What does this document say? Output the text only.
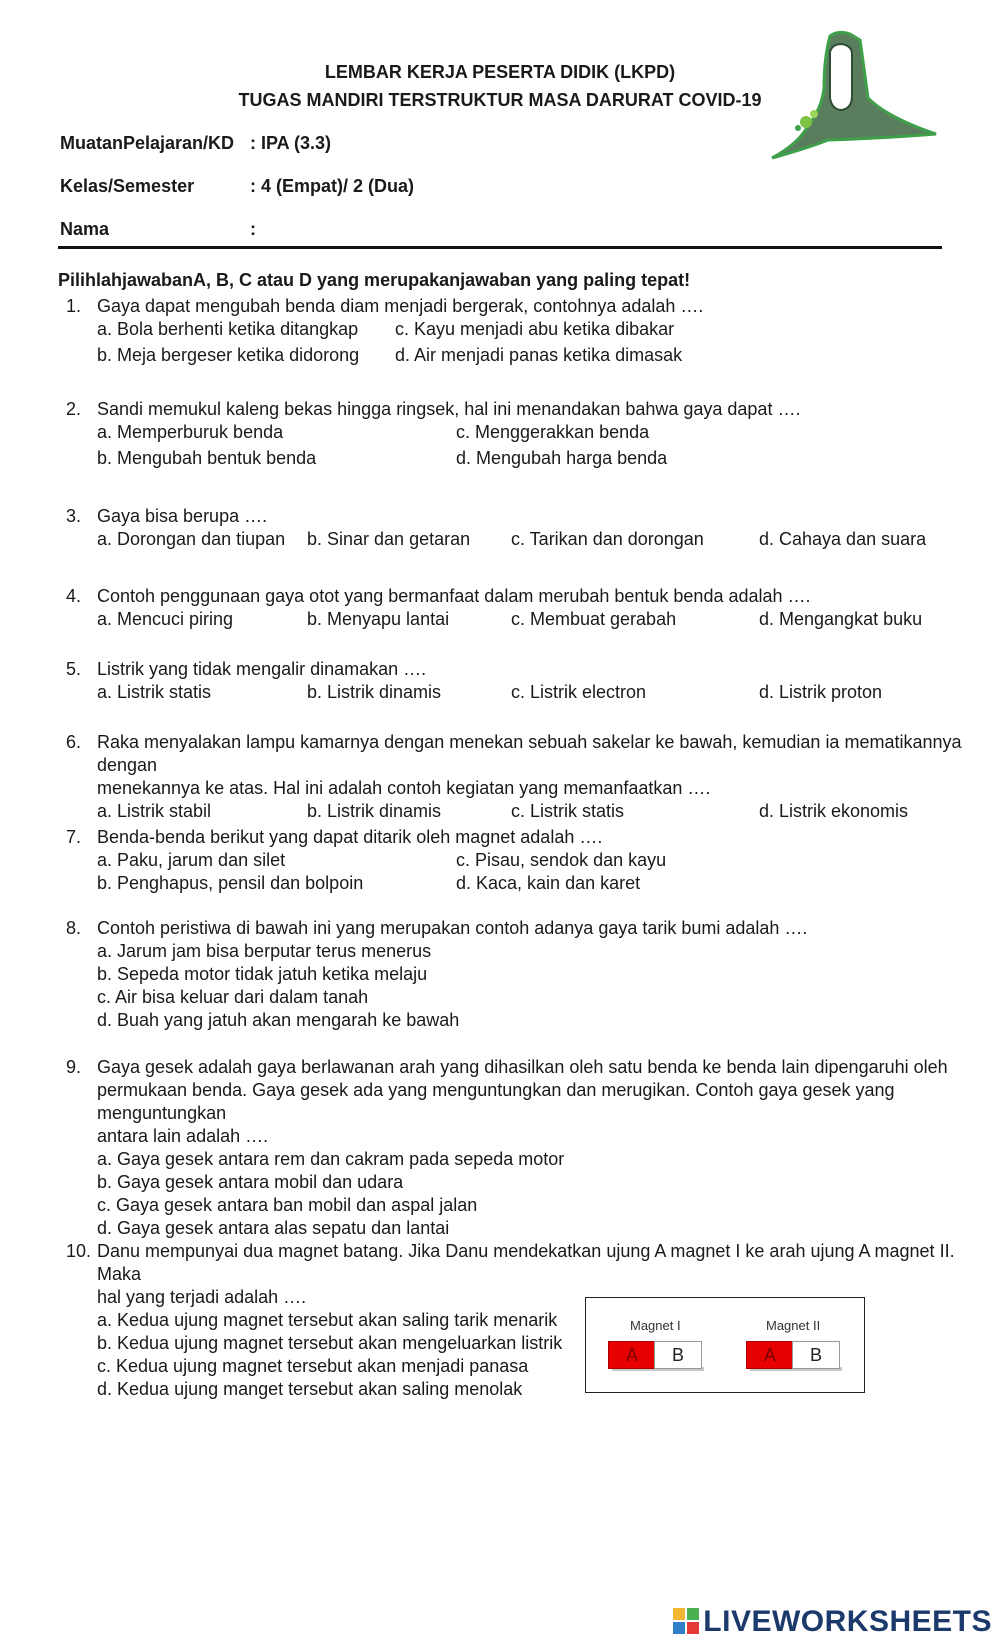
LEMBAR KERJA PESERTA DIDIK (LKPD)
TUGAS MANDIRI TERSTRUKTUR MASA DARURAT COVID-19
MuatanPelajaran/KD : IPA (3.3)
Kelas/Semester	: 4 (Empat)/ 2 (Dua)
Nama	:
PilihlahjawabanA, B, C atau D yang merupakanjawaban yang paling tepat!
1. Gaya dapat mengubah benda diam menjadi bergerak, contohnya adalah ….
a. Bola berhenti ketika ditangkap c. Kayu menjadi abu ketika dibakar
b. Meja bergeser ketika didorong d. Air menjadi panas ketika dimasak
2. Sandi memukul kaleng bekas hingga ringsek, hal ini menandakan bahwa gaya dapat ….
a. Memperburuk benda	c. Menggerakkan benda
b. Mengubah bentuk benda	d. Mengubah harga benda
3. Gaya bisa berupa ….
a. Dorongan dan tiupan b. Sinar dan getaran c. Tarikan dan dorongan	d. Cahaya dan suara
4. Contoh penggunaan gaya otot yang bermanfaat dalam merubah bentuk benda adalah ….
a. Mencuci piring	b. Menyapu lantai	c. Membuat gerabah	d. Mengangkat buku
5. Listrik yang tidak mengalir dinamakan ….
a. Listrik statis	b. Listrik dinamis	c. Listrik electron	d. Listrik proton
6. Raka menyalakan lampu kamarnya dengan menekan sebuah sakelar ke bawah, kemudian ia mematikannya dengan
menekannya ke atas. Hal ini adalah contoh kegiatan yang memanfaatkan ….
a. Listrik stabil	b. Listrik dinamis	c. Listrik statis	d. Listrik ekonomis
7. Benda-benda berikut yang dapat ditarik oleh magnet adalah ….
a. Paku, jarum dan silet	c. Pisau, sendok dan kayu
b. Penghapus, pensil dan bolpoin	d. Kaca, kain dan karet
8. Contoh peristiwa di bawah ini yang merupakan contoh adanya gaya tarik bumi adalah ….
a. Jarum jam bisa berputar terus menerus
b. Sepeda motor tidak jatuh ketika melaju
c. Air bisa keluar dari dalam tanah
d. Buah yang jatuh akan mengarah ke bawah
9. Gaya gesek adalah gaya berlawanan arah yang dihasilkan oleh satu benda ke benda lain dipengaruhi oleh
permukaan benda. Gaya gesek ada yang menguntungkan dan merugikan. Contoh gaya gesek yang menguntungkan
antara lain adalah ….
a. Gaya gesek antara rem dan cakram pada sepeda motor
b. Gaya gesek antara mobil dan udara
c. Gaya gesek antara ban mobil dan aspal jalan
d. Gaya gesek antara alas sepatu dan lantai
10. Danu mempunyai dua magnet batang. Jika Danu mendekatkan ujung A magnet I ke arah ujung A magnet II. Maka
hal yang terjadi adalah ….
a. Kedua ujung magnet tersebut akan saling tarik menarik
b. Kedua ujung magnet tersebut akan mengeluarkan listrik
c. Kedua ujung magnet tersebut akan menjadi panasa
d. Kedua ujung manget tersebut akan saling menolak
Magnet I	Magnet II
A	B	A	B
LIVEWORKSHEETS
